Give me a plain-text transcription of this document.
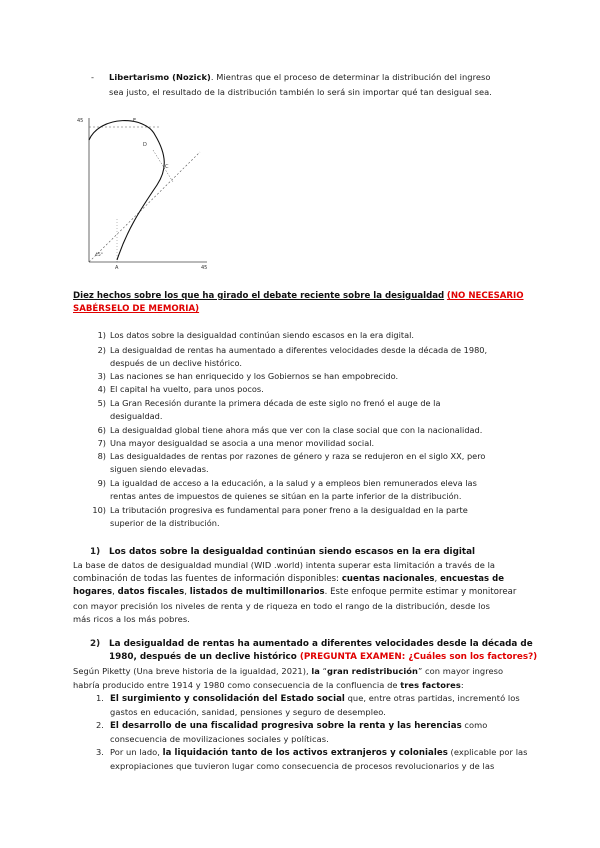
- Libertarismo (Nozick). Mientras que el proceso de determinar la distribución del ingreso
sea justo, el resultado de la distribución también lo será sin importar qué tan desigual sea.
45
45
E
D
C
A
45°
Diez hechos sobre los que ha girado el debate reciente sobre la desigualdad (NO NECESARIO
SABÉRSELO DE MEMORIA)
1) Los datos sobre la desigualdad continúan siendo escasos en la era digital.
2) La desigualdad de rentas ha aumentado a diferentes velocidades desde la década de 1980,
después de un declive histórico.
3) Las naciones se han enriquecido y los Gobiernos se han empobrecido.
4) El capital ha vuelto, para unos pocos.
5) La Gran Recesión durante la primera década de este siglo no frenó el auge de la
desigualdad.
6) La desigualdad global tiene ahora más que ver con la clase social que con la nacionalidad.
7) Una mayor desigualdad se asocia a una menor movilidad social.
8) Las desigualdades de rentas por razones de género y raza se redujeron en el siglo XX, pero
siguen siendo elevadas.
9) La igualdad de acceso a la educación, a la salud y a empleos bien remunerados eleva las
rentas antes de impuestos de quienes se sitúan en la parte inferior de la distribución.
10) La tributación progresiva es fundamental para poner freno a la desigualdad en la parte
superior de la distribución.
1) Los datos sobre la desigualdad continúan siendo escasos en la era digital
La base de datos de desigualdad mundial (WID .world) intenta superar esta limitación a través de la
combinación de todas las fuentes de información disponibles: cuentas nacionales, encuestas de
hogares, datos fiscales, listados de multimillonarios. Este enfoque permite estimar y monitorear
con mayor precisión los niveles de renta y de riqueza en todo el rango de la distribución, desde los
más ricos a los más pobres.
2) La desigualdad de rentas ha aumentado a diferentes velocidades desde la década de
1980, después de un declive histórico (PREGUNTA EXAMEN: ¿Cuáles son los factores?)
Según Piketty (Una breve historia de la igualdad, 2021), la “gran redistribución” con mayor ingreso
habría producido entre 1914 y 1980 como consecuencia de la confluencia de tres factores:
1. El surgimiento y consolidación del Estado social que, entre otras partidas, incrementó los
gastos en educación, sanidad, pensiones y seguro de desempleo.
2. El desarrollo de una fiscalidad progresiva sobre la renta y las herencias como
consecuencia de movilizaciones sociales y políticas.
3. Por un lado, la liquidación tanto de los activos extranjeros y coloniales (explicable por las
expropiaciones que tuvieron lugar como consecuencia de procesos revolucionarios y de las
